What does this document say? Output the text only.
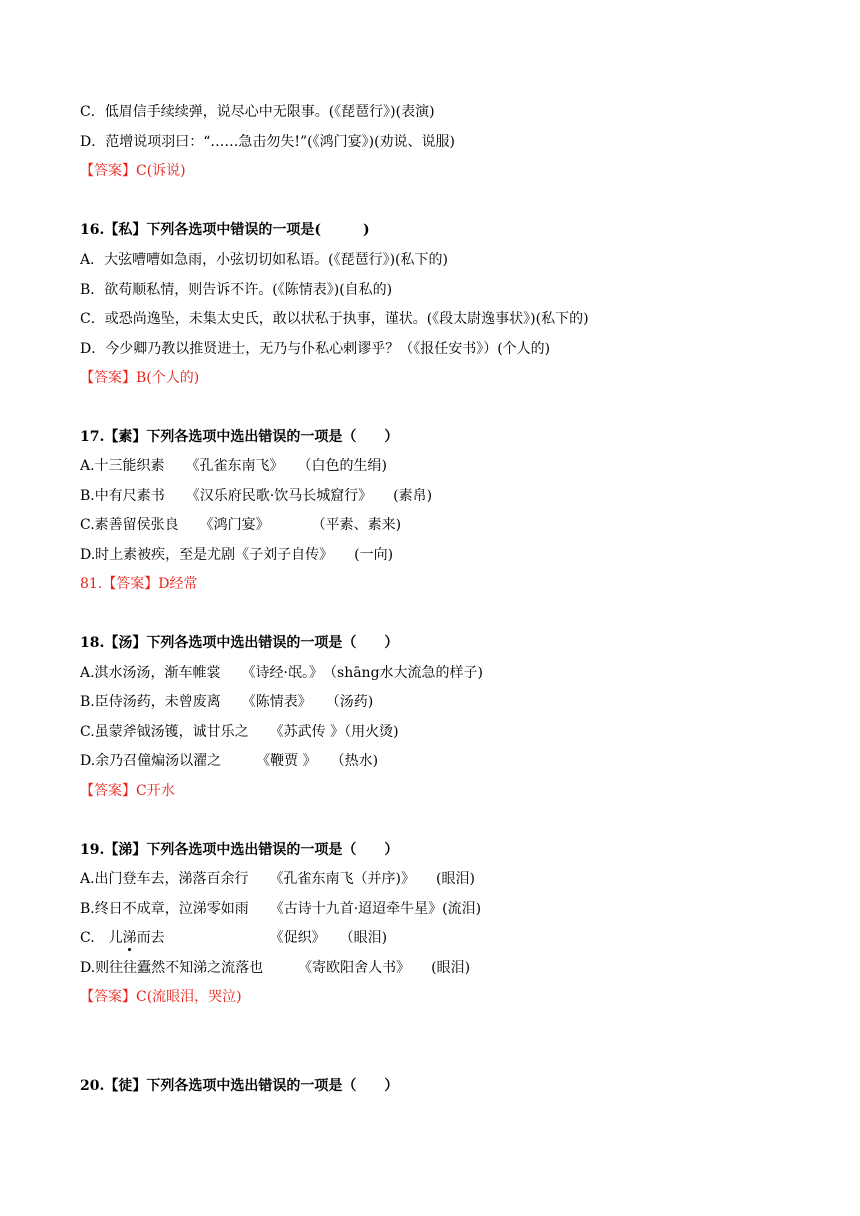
C．低眉信手续续弹，说尽心中无限事。(《琵琶行》)(表演)
D．范增说项羽曰：“……急击勿失!”(《鸿门宴》)(劝说、说服)
【答案】C(诉说)
16.【私】下列各选项中错误的一项是(　　　)
A．大弦嘈嘈如急雨，小弦切切如私语。(《琵琶行》)(私下的)
B．欲苟顺私情，则告诉不许。(《陈情表》)(自私的)
C．或恐尚逸坠，未集太史氏，敢以状私于执事，谨状。(《段太尉逸事状》)(私下的)
D．今少卿乃教以推贤进士，无乃与仆私心剌谬乎？（《报任安书》）(个人的)
【答案】B(个人的)
17.【素】下列各选项中选出错误的一项是（　　）
A.十三能织素　　《孔雀东南飞》　　（白色的生绢)
B.中有尺素书　　《汉乐府民歌·饮马长城窟行》　　(素帛)
C.素善留侯张良　　《鸿门宴》　　　　（平素、素来)
D.时上素被疾，至是尤剧《子刘子自传》　　(一向)
81.【答案】D经常
18.【汤】下列各选项中选出错误的一项是（　　）
A.淇水汤汤，渐车帷裳　　《诗经·氓。》　（shāng水大流急的样子)
B.臣侍汤药，未曾废离　　《陈情表》　　（汤药)
C.虽蒙斧钺汤镬，诚甘乐之　　《苏武传 》（用火烫)
D.余乃召僮煸汤以濯之　　　《鞭贾 》　　（热水)
【答案】C开水
19.【涕】下列各选项中选出错误的一项是（　　）
A.出门登车去，涕落百余行　　《孔雀东南飞（并序)》　　(眼泪)
B.终日不成章，泣涕零如雨　　《古诗十九首·迢迢牵牛星》(流泪)
C.　儿涕而去　　　　　　　　《促织》　　（眼泪)
D.则往往蠹然不知涕之流落也　　　《寄欧阳舍人书》　　(眼泪)
【答案】C(流眼泪，哭泣)
20.【徒】下列各选项中选出错误的一项是（　　）
